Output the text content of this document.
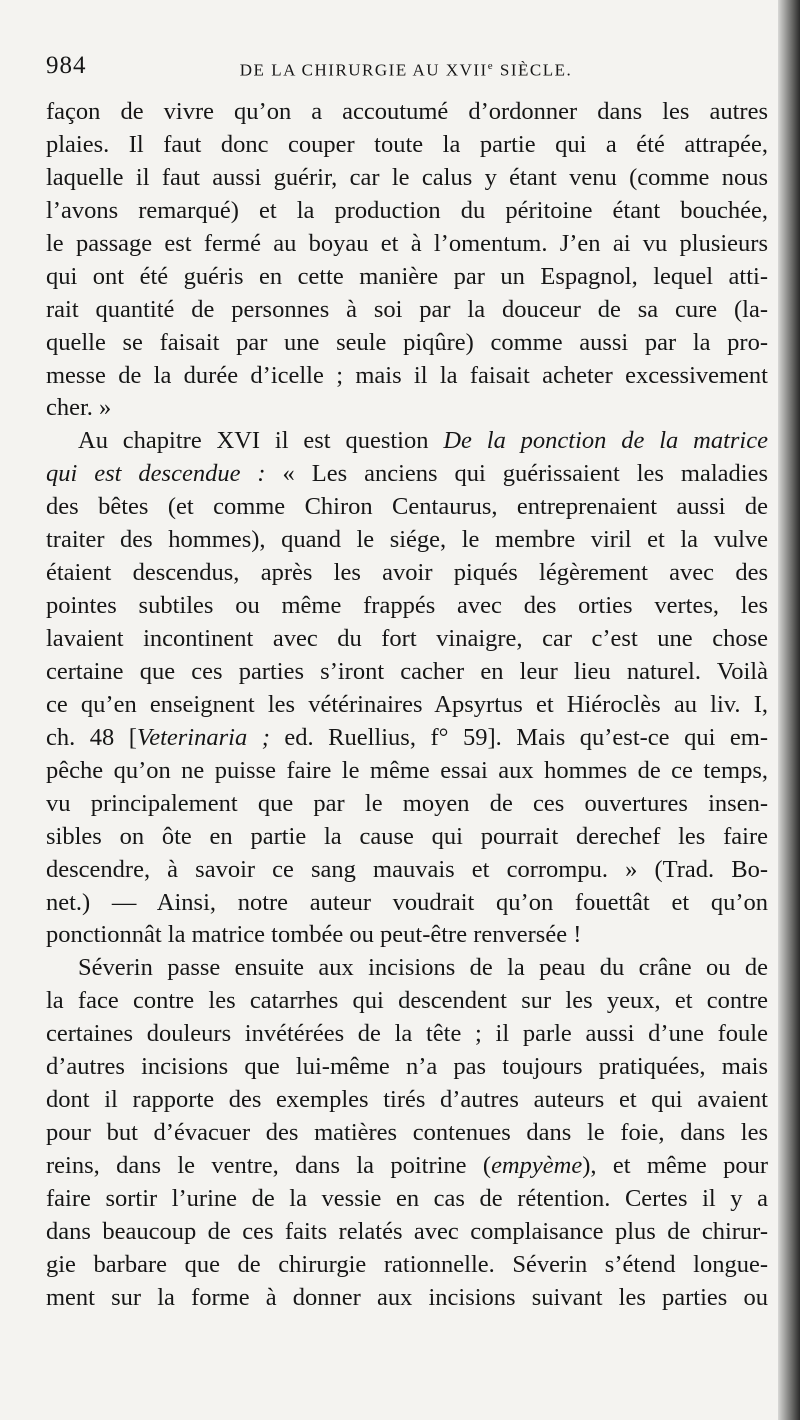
984	DE LA CHIRURGIE AU XVIIe SIÈCLE.
façon de vivre qu’on a accoutumé d’ordonner dans les autres
plaies. Il faut donc couper toute la partie qui a été attrapée,
laquelle il faut aussi guérir, car le calus y étant venu (comme nous
l’avons remarqué) et la production du péritoine étant bouchée,
le passage est fermé au boyau et à l’omentum. J’en ai vu plusieurs
qui ont été guéris en cette manière par un Espagnol, lequel atti-
rait quantité de personnes à soi par la douceur de sa cure (la-
quelle se faisait par une seule piqûre) comme aussi par la pro-
messe de la durée d’icelle ; mais il la faisait acheter excessivement
cher. »
Au chapitre XVI il est question De la ponction de la matrice
qui est descendue : « Les anciens qui guérissaient les maladies
des bêtes (et comme Chiron Centaurus, entreprenaient aussi de
traiter des hommes), quand le siége, le membre viril et la vulve
étaient descendus, après les avoir piqués légèrement avec des
pointes subtiles ou même frappés avec des orties vertes, les
lavaient incontinent avec du fort vinaigre, car c’est une chose
certaine que ces parties s’iront cacher en leur lieu naturel. Voilà
ce qu’en enseignent les vétérinaires Apsyrtus et Hiéroclès au liv. I,
ch. 48 [Veterinaria ; ed. Ruellius, f° 59]. Mais qu’est-ce qui em-
pêche qu’on ne puisse faire le même essai aux hommes de ce temps,
vu principalement que par le moyen de ces ouvertures insen-
sibles on ôte en partie la cause qui pourrait derechef les faire
descendre, à savoir ce sang mauvais et corrompu. » (Trad. Bo-
net.) — Ainsi, notre auteur voudrait qu’on fouettât et qu’on
ponctionnât la matrice tombée ou peut-être renversée !
Séverin passe ensuite aux incisions de la peau du crâne ou de
la face contre les catarrhes qui descendent sur les yeux, et contre
certaines douleurs invétérées de la tête ; il parle aussi d’une foule
d’autres incisions que lui-même n’a pas toujours pratiquées, mais
dont il rapporte des exemples tirés d’autres auteurs et qui avaient
pour but d’évacuer des matières contenues dans le foie, dans les
reins, dans le ventre, dans la poitrine (empyème), et même pour
faire sortir l’urine de la vessie en cas de rétention. Certes il y a
dans beaucoup de ces faits relatés avec complaisance plus de chirur-
gie barbare que de chirurgie rationnelle. Séverin s’étend longue-
ment sur la forme à donner aux incisions suivant les parties ou
